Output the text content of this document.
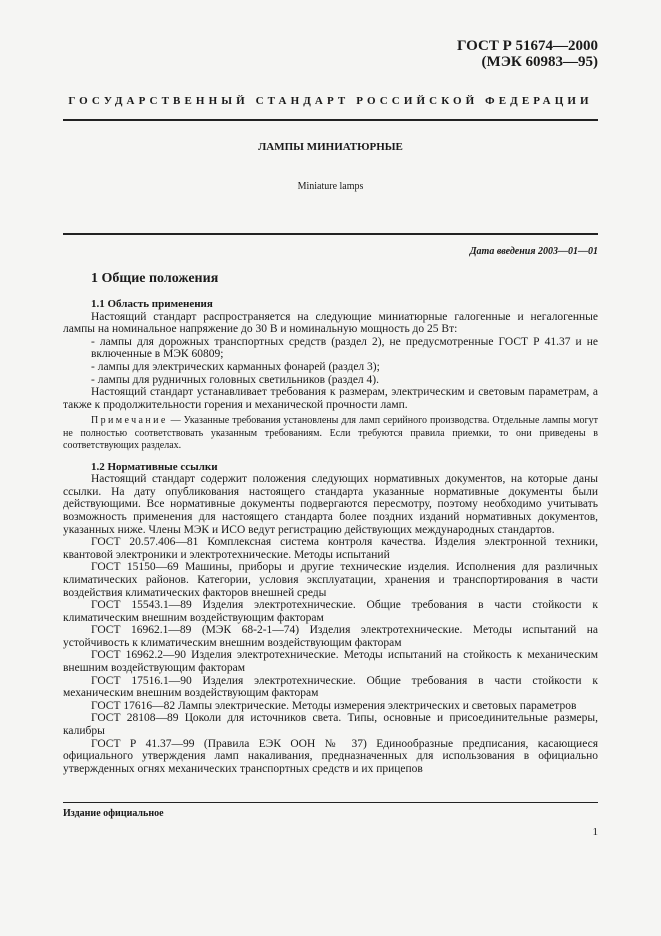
ГОСТ Р 51674—2000
(МЭК 60983—95)
ГОСУДАРСТВЕННЫЙ СТАНДАРТ РОССИЙСКОЙ ФЕДЕРАЦИИ
ЛАМПЫ МИНИАТЮРНЫЕ
Miniature lamps
Дата введения 2003—01—01
1 Общие положения
1.1 Область применения

Настоящий стандарт распространяется на следующие миниатюрные галогенные и негалогенные лампы на номинальное напряжение до 30 В и номинальную мощность до 25 Вт:

- лампы для дорожных транспортных средств (раздел 2), не предусмотренные ГОСТ Р 41.37 и не включенные в МЭК 60809;

- лампы для электрических карманных фонарей (раздел 3);

- лампы для рудничных головных светильников (раздел 4).

Настоящий стандарт устанавливает требования к размерам, электрическим и световым параметрам, а также к продолжительности горения и механической прочности ламп.

Примечание — Указанные требования установлены для ламп серийного производства. Отдельные лампы могут не полностью соответствовать указанным требованиям. Если требуются правила приемки, то они приведены в соответствующих разделах.

1.2 Нормативные ссылки

Настоящий стандарт содержит положения следующих нормативных документов, на которые даны ссылки. На дату опубликования настоящего стандарта указанные нормативные документы были действующими. Все нормативные документы подвергаются пересмотру, поэтому необходимо учитывать возможность применения для настоящего стандарта более поздних изданий нормативных документов, указанных ниже. Члены МЭК и ИСО ведут регистрацию действующих международных стандартов.

ГОСТ 20.57.406—81 Комплексная система контроля качества. Изделия электронной техники, квантовой электроники и электротехнические. Методы испытаний

ГОСТ 15150—69 Машины, приборы и другие технические изделия. Исполнения для различных климатических районов. Категории, условия эксплуатации, хранения и транспортирования в части воздействия климатических факторов внешней среды

ГОСТ 15543.1—89 Изделия электротехнические. Общие требования в части стойкости к климатическим внешним воздействующим факторам

ГОСТ 16962.1—89 (МЭК 68-2-1—74) Изделия электротехнические. Методы испытаний на устойчивость к климатическим внешним воздействующим факторам

ГОСТ 16962.2—90 Изделия электротехнические. Методы испытаний на стойкость к механическим внешним воздействующим факторам

ГОСТ 17516.1—90 Изделия электротехнические. Общие требования в части стойкости к механическим внешним воздействующим факторам

ГОСТ 17616—82 Лампы электрические. Методы измерения электрических и световых параметров

ГОСТ 28108—89 Цоколи для источников света. Типы, основные и присоединительные размеры, калибры

ГОСТ Р 41.37—99 (Правила ЕЭК ООН № 37) Единообразные предписания, касающиеся официального утверждения ламп накаливания, предназначенных для использования в официально утвержденных огнях механических транспортных средств и их прицепов

Издание официальное
1
